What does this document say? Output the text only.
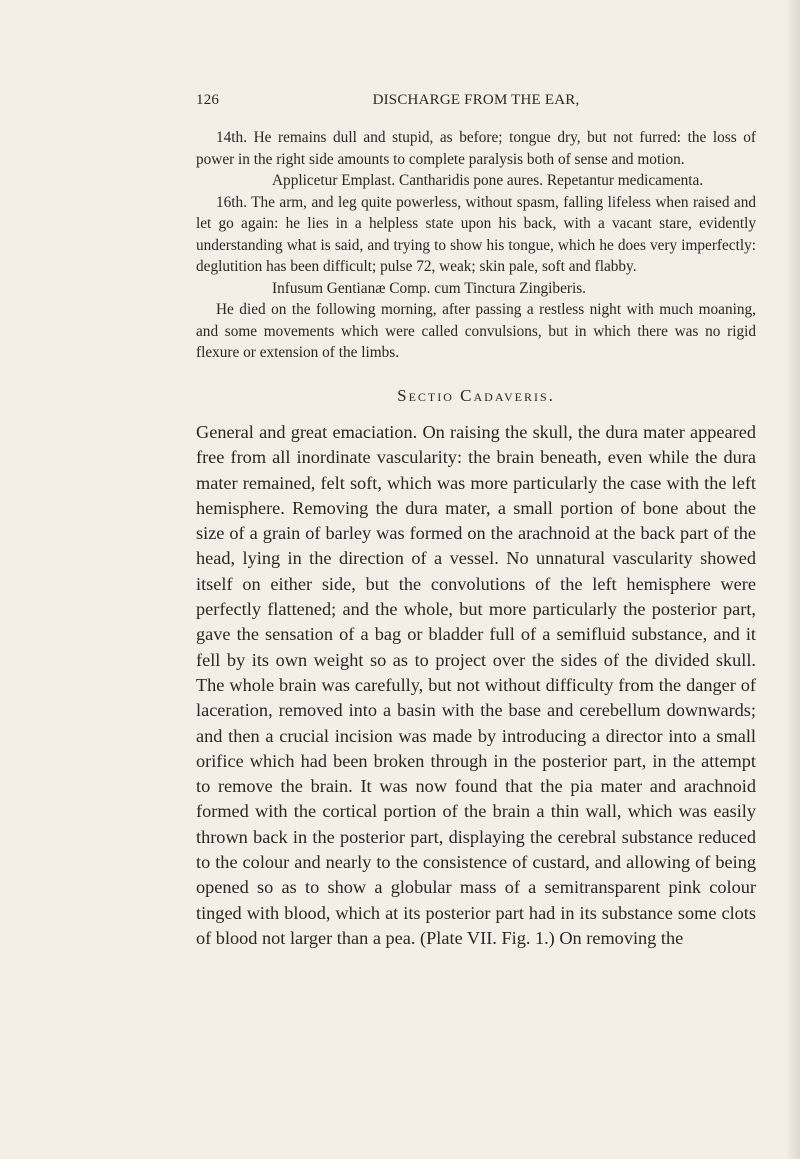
DISCHARGE FROM THE EAR,
126

14th. He remains dull and stupid, as before; tongue dry, but not furred: the loss of power in the right side amounts to complete paralysis both of sense and motion.

Applicetur Emplast. Cantharidis pone aures. Repetantur medicamenta.

16th. The arm, and leg quite powerless, without spasm, falling lifeless when raised and let go again: he lies in a helpless state upon his back, with a vacant stare, evidently understanding what is said, and trying to show his tongue, which he does very imperfectly: deglutition has been difficult; pulse 72, weak; skin pale, soft and flabby.

Infusum Gentianæ Comp. cum Tinctura Zingiberis.

He died on the following morning, after passing a restless night with much moaning, and some movements which were called convulsions, but in which there was no rigid flexure or extension of the limbs.

Sectio Cadaveris.

General and great emaciation. On raising the skull, the dura mater appeared free from all inordinate vascularity: the brain beneath, even while the dura mater remained, felt soft, which was more particularly the case with the left hemisphere. Removing the dura mater, a small portion of bone about the size of a grain of barley was formed on the arachnoid at the back part of the head, lying in the direction of a vessel. No unnatural vascularity showed itself on either side, but the convolutions of the left hemisphere were perfectly flattened; and the whole, but more particularly the posterior part, gave the sensation of a bag or bladder full of a semifluid substance, and it fell by its own weight so as to project over the sides of the divided skull. The whole brain was carefully, but not without difficulty from the danger of laceration, removed into a basin with the base and cerebellum downwards; and then a crucial incision was made by introducing a director into a small orifice which had been broken through in the posterior part, in the attempt to remove the brain. It was now found that the pia mater and arachnoid formed with the cortical portion of the brain a thin wall, which was easily thrown back in the posterior part, displaying the cerebral substance reduced to the colour and nearly to the consistence of custard, and allowing of being opened so as to show a globular mass of a semitransparent pink colour tinged with blood, which at its posterior part had in its substance some clots of blood not larger than a pea. (Plate VII. Fig. 1.) On removing the
